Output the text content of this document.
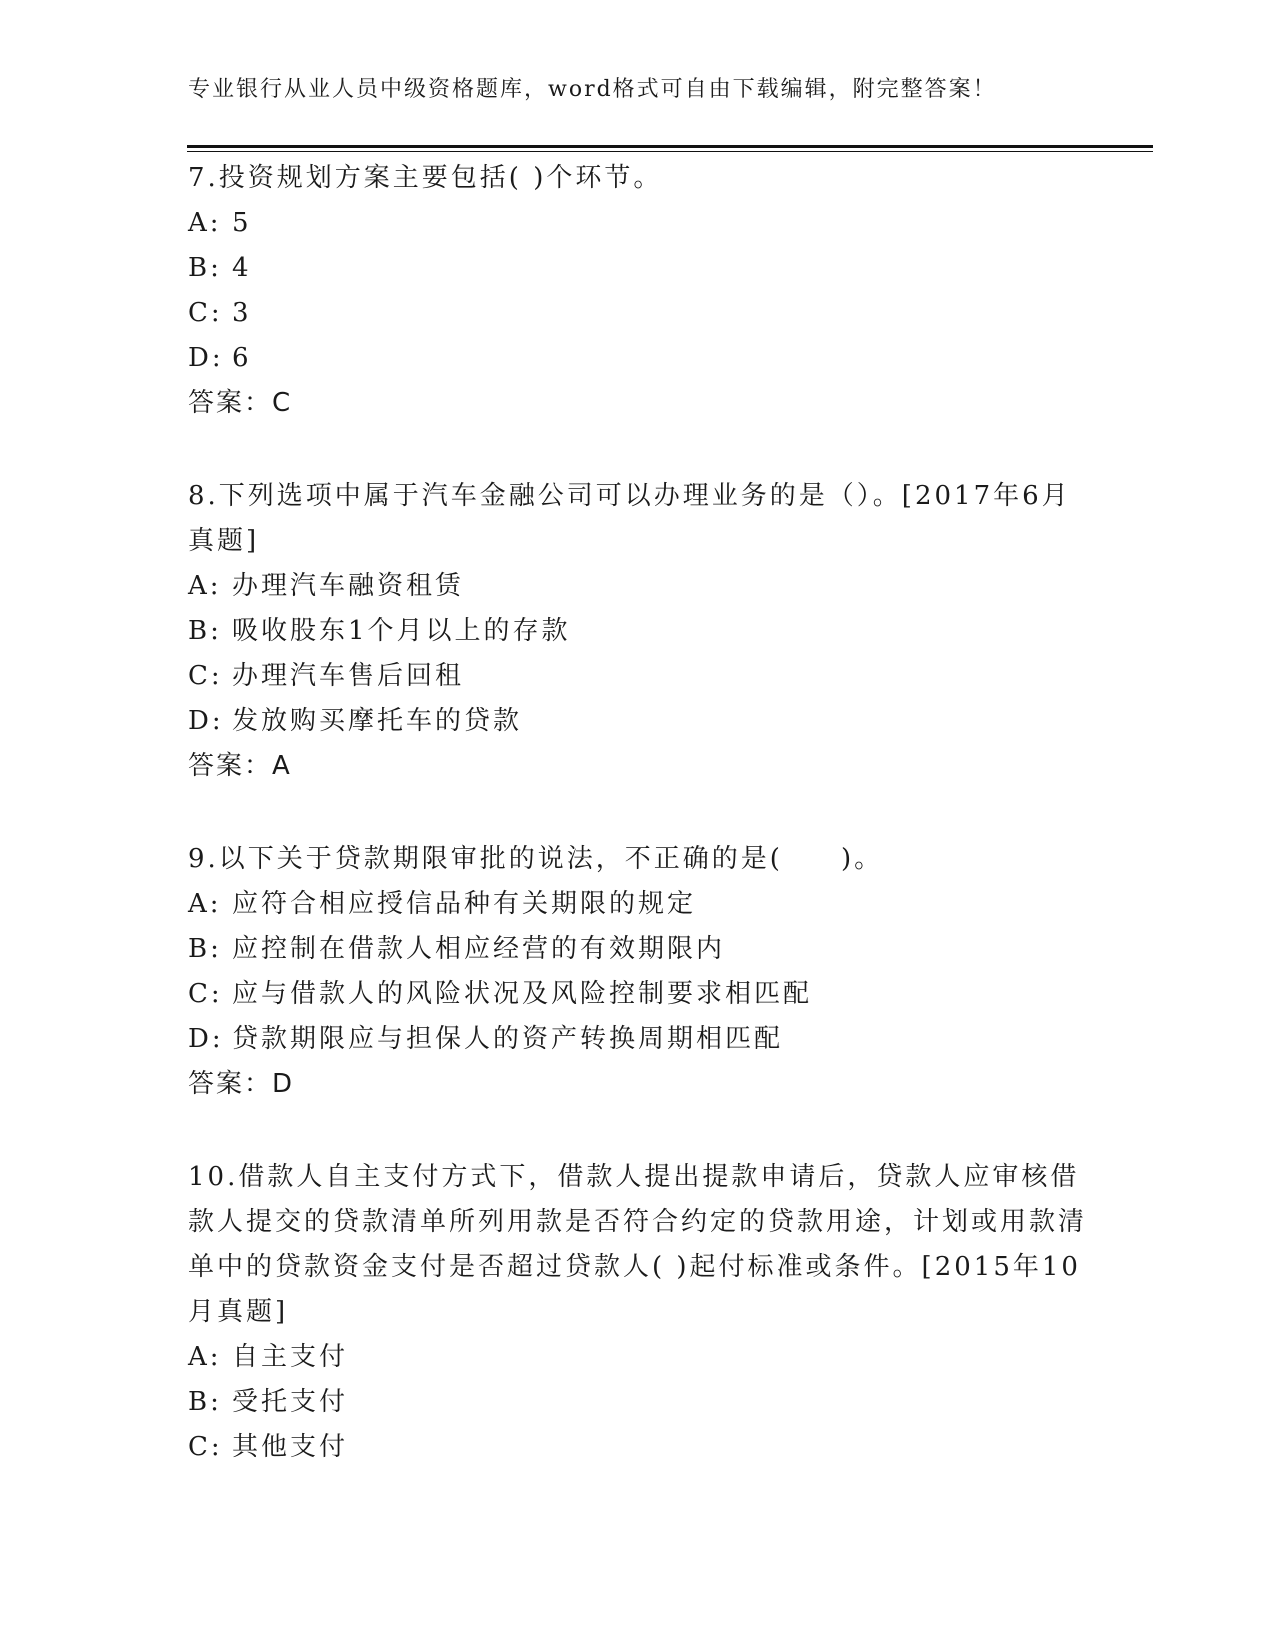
专业银行从业人员中级资格题库，word格式可自由下载编辑，附完整答案！
7.投资规划方案主要包括( )个环节。
A: 5
B: 4
C: 3
D: 6
答案：C
8.下列选项中属于汽车金融公司可以办理业务的是（）。[2017年6月真题]
A: 办理汽车融资租赁
B: 吸收股东1个月以上的存款
C: 办理汽车售后回租
D: 发放购买摩托车的贷款
答案：A
9.以下关于贷款期限审批的说法，不正确的是(　　)。
A: 应符合相应授信品种有关期限的规定
B: 应控制在借款人相应经营的有效期限内
C: 应与借款人的风险状况及风险控制要求相匹配
D: 贷款期限应与担保人的资产转换周期相匹配
答案：D
10.借款人自主支付方式下，借款人提出提款申请后，贷款人应审核借款人提交的贷款清单所列用款是否符合约定的贷款用途，计划或用款清单中的贷款资金支付是否超过贷款人( )起付标准或条件。[2015年10月真题]
A: 自主支付
B: 受托支付
C: 其他支付
